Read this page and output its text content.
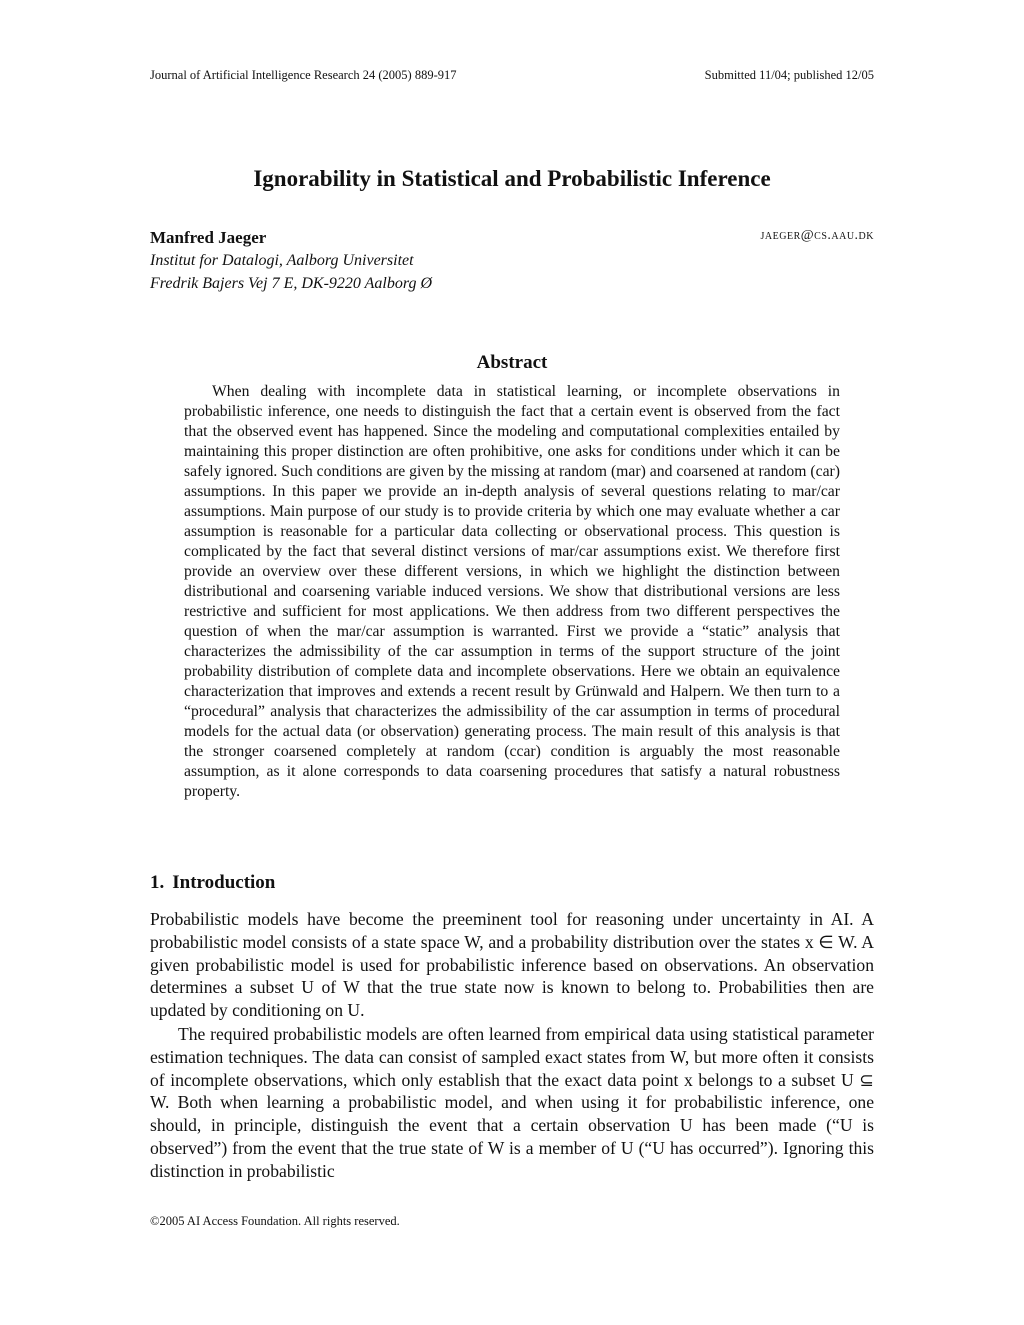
Journal of Artificial Intelligence Research 24 (2005) 889-917	Submitted 11/04; published 12/05
Ignorability in Statistical and Probabilistic Inference
Manfred Jaeger	jaeger@cs.aau.dk
Institut for Datalogi, Aalborg Universitet
Fredrik Bajers Vej 7 E, DK-9220 Aalborg Ø
Abstract
When dealing with incomplete data in statistical learning, or incomplete observations in probabilistic inference, one needs to distinguish the fact that a certain event is observed from the fact that the observed event has happened. Since the modeling and computational complexities entailed by maintaining this proper distinction are often prohibitive, one asks for conditions under which it can be safely ignored. Such conditions are given by the missing at random (mar) and coarsened at random (car) assumptions. In this paper we provide an in-depth analysis of several questions relating to mar/car assumptions. Main purpose of our study is to provide criteria by which one may evaluate whether a car assumption is reasonable for a particular data collecting or observational process. This question is complicated by the fact that several distinct versions of mar/car assumptions exist. We therefore first provide an overview over these different versions, in which we highlight the distinction between distributional and coarsening variable induced versions. We show that distributional versions are less restrictive and sufficient for most applications. We then address from two different perspectives the question of when the mar/car assumption is warranted. First we provide a “static” analysis that characterizes the admissibility of the car assumption in terms of the support structure of the joint probability distribution of complete data and incomplete observations. Here we obtain an equivalence characterization that improves and extends a recent result by Grünwald and Halpern. We then turn to a “procedural” analysis that characterizes the admissibility of the car assumption in terms of procedural models for the actual data (or observation) generating process. The main result of this analysis is that the stronger coarsened completely at random (ccar) condition is arguably the most reasonable assumption, as it alone corresponds to data coarsening procedures that satisfy a natural robustness property.
1. Introduction
Probabilistic models have become the preeminent tool for reasoning under uncertainty in AI. A probabilistic model consists of a state space W, and a probability distribution over the states x ∈ W. A given probabilistic model is used for probabilistic inference based on observations. An observation determines a subset U of W that the true state now is known to belong to. Probabilities then are updated by conditioning on U.
The required probabilistic models are often learned from empirical data using statistical parameter estimation techniques. The data can consist of sampled exact states from W, but more often it consists of incomplete observations, which only establish that the exact data point x belongs to a subset U ⊆ W. Both when learning a probabilistic model, and when using it for probabilistic inference, one should, in principle, distinguish the event that a certain observation U has been made (“U is observed”) from the event that the true state of W is a member of U (“U has occurred”). Ignoring this distinction in probabilistic
©2005 AI Access Foundation. All rights reserved.
